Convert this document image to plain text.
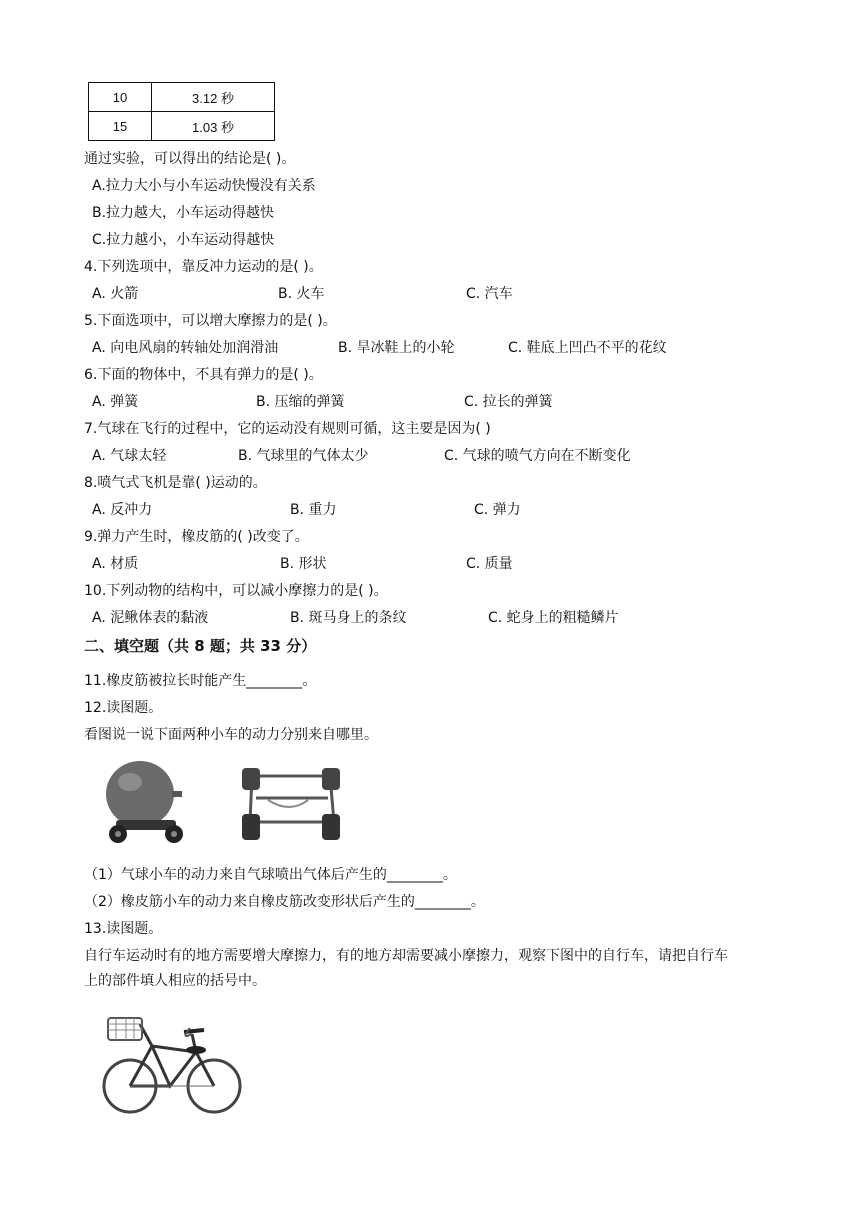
10	3.12 秒
15	1.03 秒
通过实验，可以得出的结论是( )。
A.拉力大小与小车运动快慢没有关系
B.拉力越大，小车运动得越快
C.拉力越小，小车运动得越快
4.下列选项中，靠反冲力运动的是( )。
A. 火箭	B. 火车	C. 汽车
5.下面选项中，可以增大摩擦力的是( )。
A. 向电风扇的转轴处加润滑油	B. 旱冰鞋上的小轮	C. 鞋底上凹凸不平的花纹
6.下面的物体中，不具有弹力的是( )。
A. 弹簧	B. 压缩的弹簧	C. 拉长的弹簧
7.气球在飞行的过程中，它的运动没有规则可循，这主要是因为( )
A. 气球太轻	B. 气球里的气体太少	C. 气球的喷气方向在不断变化
8.喷气式飞机是靠( )运动的。
A. 反冲力	B. 重力	C. 弹力
9.弹力产生时，橡皮筋的( )改变了。
A. 材质	B. 形状	C. 质量
10.下列动物的结构中，可以减小摩擦力的是( )。
A. 泥鳅体表的黏液	B. 斑马身上的条纹	C. 蛇身上的粗糙鳞片
二、填空题（共 8 题；共 33 分）
11.橡皮筋被拉长时能产生________。
12.读图题。
看图说一说下面两种小车的动力分别来自哪里。
（1）气球小车的动力来自气球喷出气体后产生的________。
（2）橡皮筋小车的动力来自橡皮筋改变形状后产生的________。
13.读图题。
自行车运动时有的地方需要增大摩擦力，有的地方却需要减小摩擦力，观察下图中的自行车，请把自行车
上的部件填人相应的括号中。
